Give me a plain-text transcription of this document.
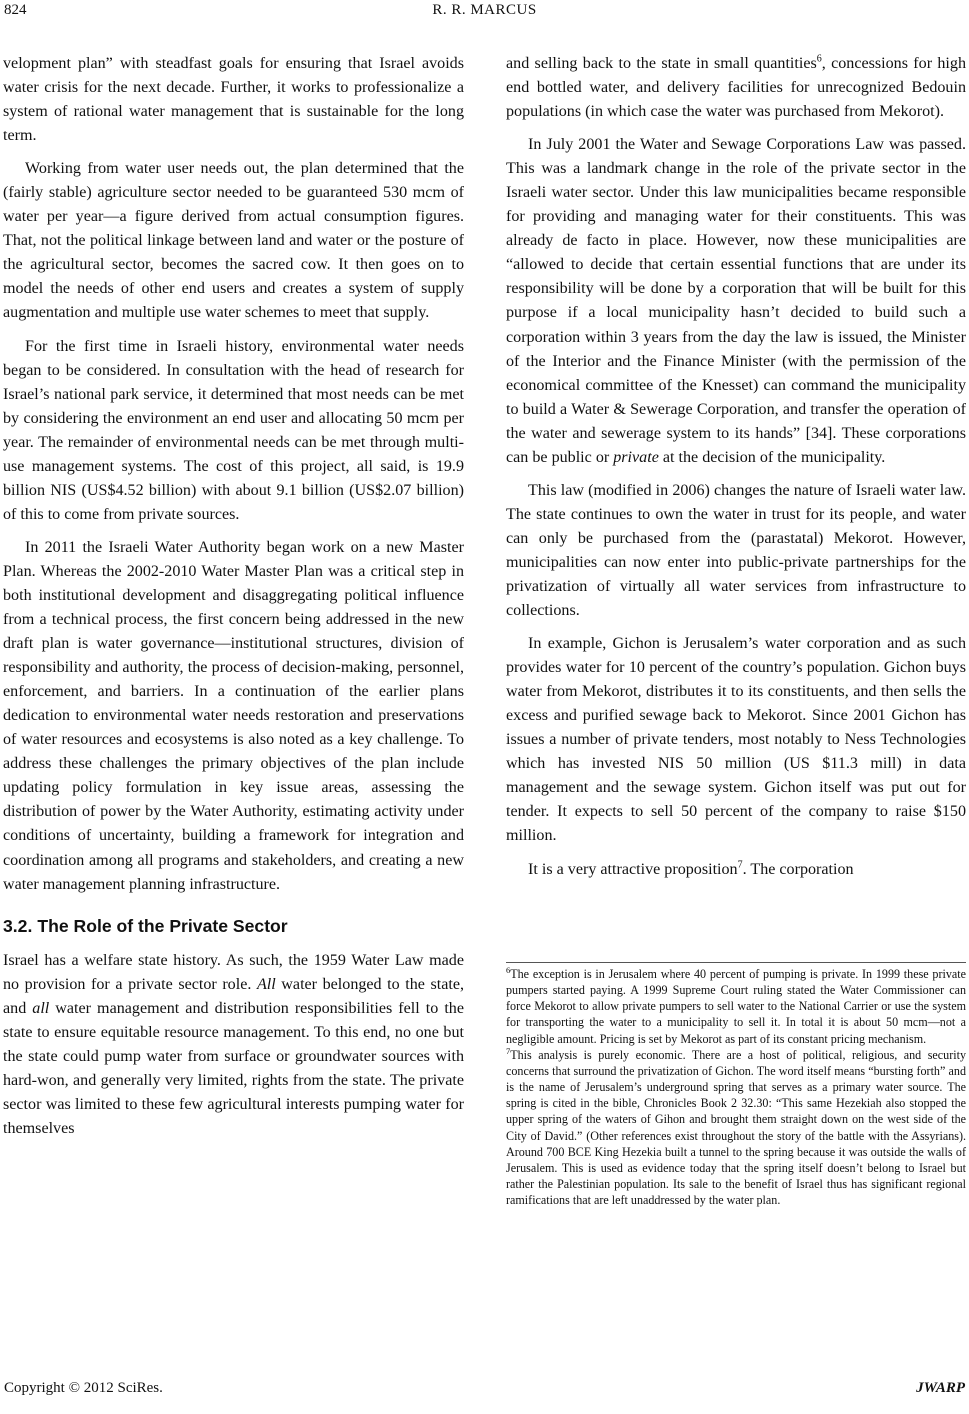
824	R. R. MARCUS

velopment plan” with steadfast goals for ensuring that Israel avoids water crisis for the next decade. Further, it works to professionalize a system of rational water management that is sustainable for the long term.

Working from water user needs out, the plan determined that the (fairly stable) agriculture sector needed to be guaranteed 530 mcm of water per year—a figure derived from actual consumption figures. That, not the political linkage between land and water or the posture of the agricultural sector, becomes the sacred cow. It then goes on to model the needs of other end users and creates a system of supply augmentation and multiple use water schemes to meet that supply.

For the first time in Israeli history, environmental water needs began to be considered. In consultation with the head of research for Israel’s national park service, it determined that most needs can be met by considering the environment an end user and allocating 50 mcm per year. The remainder of environmental needs can be met through multi-use management systems. The cost of this project, all said, is 19.9 billion NIS (US$4.52 billion) with about 9.1 billion (US$2.07 billion) of this to come from private sources.

In 2011 the Israeli Water Authority began work on a new Master Plan. Whereas the 2002-2010 Water Master Plan was a critical step in both institutional development and disaggregating political influence from a technical process, the first concern being addressed in the new draft plan is water governance—institutional structures, division of responsibility and authority, the process of decision-making, personnel, enforcement, and barriers. In a continuation of the earlier plans dedication to environmental water needs restoration and preservations of water resources and ecosystems is also noted as a key challenge. To address these challenges the primary objectives of the plan include updating policy formulation in key issue areas, assessing the distribution of power by the Water Authority, estimating activity under conditions of uncertainty, building a framework for integration and coordination among all programs and stakeholders, and creating a new water management planning infrastructure.

3.2. The Role of the Private Sector

Israel has a welfare state history. As such, the 1959 Water Law made no provision for a private sector role. All water belonged to the state, and all water management and distribution responsibilities fell to the state to ensure equitable resource management. To this end, no one but the state could pump water from surface or groundwater sources with hard-won, and generally very limited, rights from the state. The private sector was limited to these few agricultural interests pumping water for themselves

and selling back to the state in small quantities$^6$, concessions for high end bottled water, and delivery facilities for unrecognized Bedouin populations (in which case the water was purchased from Mekorot).

In July 2001 the Water and Sewage Corporations Law was passed. This was a landmark change in the role of the private sector in the Israeli water sector. Under this law municipalities became responsible for providing and managing water for their constituents. This was already de facto in place. However, now these municipalities are “allowed to decide that certain essential functions that are under its responsibility will be done by a corporation that will be built for this purpose if a local municipality hasn’t decided to build such a corporation within 3 years from the day the law is issued, the Minister of the Interior and the Finance Minister (with the permission of the economical committee of the Knesset) can command the municipality to build a Water & Sewerage Corporation, and transfer the operation of the water and sewerage system to its hands” [34]. These corporations can be public or private at the decision of the municipality.

This law (modified in 2006) changes the nature of Israeli water law. The state continues to own the water in trust for its people, and water can only be purchased from the (parastatal) Mekorot. However, municipalities can now enter into public-private partnerships for the privatization of virtually all water services from infrastructure to collections.

In example, Gichon is Jerusalem’s water corporation and as such provides water for 10 percent of the country’s population. Gichon buys water from Mekorot, distributes it to its constituents, and then sells the excess and purified sewage back to Mekorot. Since 2001 Gichon has issues a number of private tenders, most notably to Ness Technologies which has invested NIS 50 million (US $11.3 mill) in data management and the sewage system. Gichon itself was put out for tender. It expects to sell 50 percent of the company to raise $150 million.

It is a very attractive proposition$^7$. The corporation

$^6$The exception is in Jerusalem where 40 percent of pumping is private. In 1999 these private pumpers started paying. A 1999 Supreme Court ruling stated the Water Commissioner can force Mekorot to allow private pumpers to sell water to the National Carrier or use the system for transporting the water to a municipality to sell it. In total it is about 50 mcm—not a negligible amount. Pricing is set by Mekorot as part of its constant pricing mechanism.

$^7$This analysis is purely economic. There are a host of political, religious, and security concerns that surround the privatization of Gichon. The word itself means “bursting forth” and is the name of Jerusalem’s underground spring that serves as a primary water source. The spring is cited in the bible, Chronicles Book 2 32.30: “This same Hezekiah also stopped the upper spring of the waters of Gihon and brought them straight down on the west side of the City of David.” (Other references exist throughout the story of the battle with the Assyrians). Around 700 BCE King Hezekia built a tunnel to the spring because it was outside the walls of Jerusalem. This is used as evidence today that the spring itself doesn’t belong to Israel but rather the Palestinian population. Its sale to the benefit of Israel thus has significant regional ramifications that are left unaddressed by the water plan.

Copyright © 2012 SciRes.	JWARP
